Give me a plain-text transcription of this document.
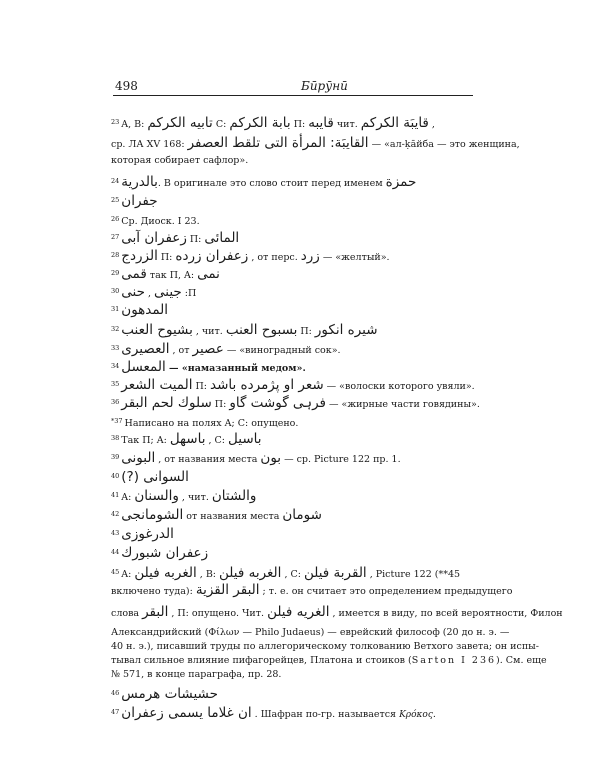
498	Бӣрӯнӣ
$^{23}$ A, B: تابيه الكركم C: بابة الكركم П: قايبه чит. قايبَة الكركم ,
ср. ЛА XV 168: القايبَة: المرأة التى تلقط العصفر — «ал-ḳа̄йба — это женщина,
которая собирает сафлор».
$^{24}$ بالدرية. В оригинале это слово стоит перед именем حمزة
$^{25}$ جفران
$^{26}$ Ср. Диоск. I 23.
$^{27}$ زعفران آبى П: المائى
$^{28}$ الزردج П: زعفران زرده , от перс. زرد — «желтый».
$^{29}$ قمى так П, A: نمى
$^{30}$ حنى , جينى :П
$^{31}$ المدهون
$^{32}$ بشيوح العنب , чит. بسبوح العنب П: شيره انكور
$^{33}$ العصيرى , от عصير — «виноградный сок».
$^{34}$ المعسل — «намазанный медом».
$^{35}$ الميت الشعر П: شعر او پژمرده باشد — «волоски которого увяли».
$^{36}$ سلوك لحم البقر П: فرہی گوشت گاو — «жирные части говядины».
$^{*37}$ Написано на полях A; C: опущено.
$^{38}$ Так П; A: باسهل , C: باسيل
$^{39}$ البونى , от названия места بون — ср. Picture 122 пр. 1.
$^{40}$ السوانى (?)
$^{41}$ A: والسنان , чит. والشتان
$^{42}$ الشومانجى от названия места شومان
$^{43}$ الدرغوزى
$^{44}$ زعفران شبورك
$^{45}$ A: الغربه فيلن , B: الغربه فيلن , C: القربة فيلن , Picture 122 (**45
включено туда): البقر القزية ; т. е. он считает это определением предыдущего
слова البقر , П: опущено. Чит. الغريه فيلن , имеется в виду, по всей вероятности, Филон
Александрийский (Φίλων — Philo Judaeus) — еврейский философ (20 до н. э. —
40 н. э.), писавший труды по аллегорическому толкованию Ветхого завета; он испы-
тывал сильное влияние пифагорейцев, Платона и стоиков (Sarton I 236). См. еще
№ 571, в конце параграфа, пр. 28.
$^{46}$ حشيشات هرمس
$^{47}$ ان غلاما يسمى زعفران . Шафран по-гр. называется Κρόκος.
